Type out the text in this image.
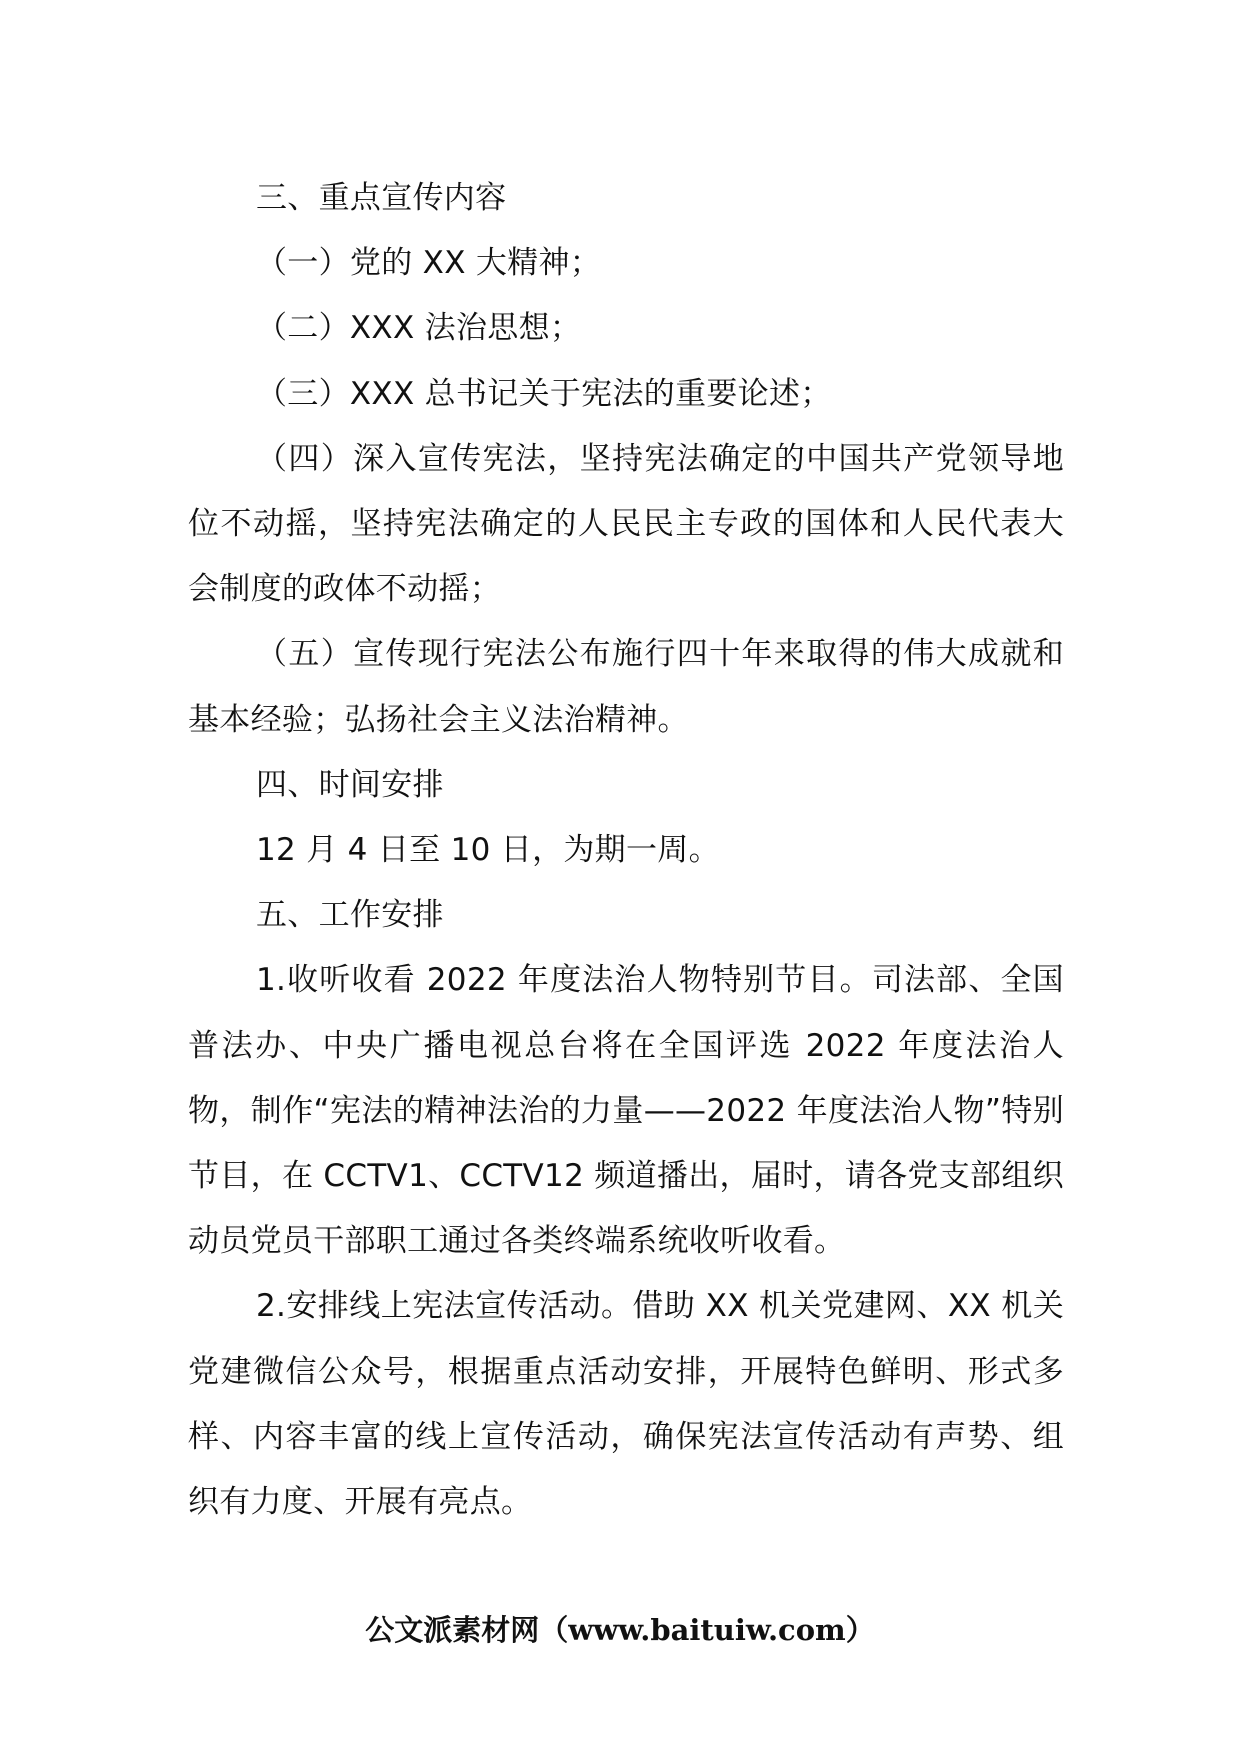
三、重点宣传内容

（一）党的 XX 大精神；

（二）XXX 法治思想；

（三）XXX 总书记关于宪法的重要论述；

（四）深入宣传宪法，坚持宪法确定的中国共产党领导地位不动摇，坚持宪法确定的人民民主专政的国体和人民代表大会制度的政体不动摇；

（五）宣传现行宪法公布施行四十年来取得的伟大成就和基本经验；弘扬社会主义法治精神。

四、时间安排

12 月 4 日至 10 日，为期一周。

五、工作安排

1.收听收看 2022 年度法治人物特别节目。司法部、全国普法办、中央广播电视总台将在全国评选 2022 年度法治人物，制作“宪法的精神法治的力量——2022 年度法治人物”特别节目，在 CCTV1、CCTV12 频道播出，届时，请各党支部组织动员党员干部职工通过各类终端系统收听收看。

2.安排线上宪法宣传活动。借助 XX 机关党建网、XX 机关党建微信公众号，根据重点活动安排，开展特色鲜明、形式多样、内容丰富的线上宣传活动，确保宪法宣传活动有声势、组织有力度、开展有亮点。

公文派素材网（www.baituiw.com）
